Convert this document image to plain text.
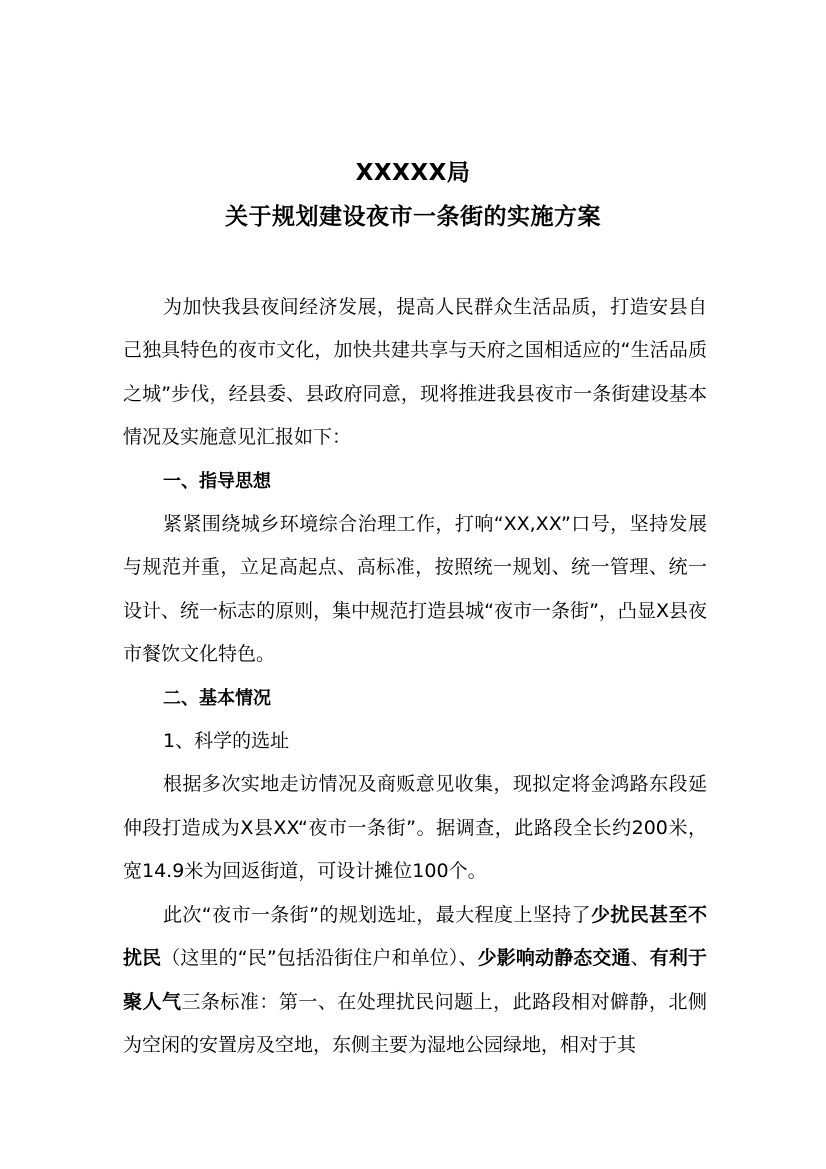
XXXXX局
关于规划建设夜市一条街的实施方案

为加快我县夜间经济发展，提高人民群众生活品质，打造安县自己独具特色的夜市文化，加快共建共享与天府之国相适应的“生活品质之城”步伐，经县委、县政府同意，现将推进我县夜市一条街建设基本情况及实施意见汇报如下：

一、指导思想

紧紧围绕城乡环境综合治理工作，打响“XX,XX”口号，坚持发展与规范并重，立足高起点、高标准，按照统一规划、统一管理、统一设计、统一标志的原则，集中规范打造县城“夜市一条街”，凸显X县夜市餐饮文化特色。

二、基本情况

1、科学的选址

根据多次实地走访情况及商贩意见收集，现拟定将金鸿路东段延伸段打造成为X县XX“夜市一条街”。据调查，此路段全长约200米，宽14.9米为回返街道，可设计摊位100个。

此次“夜市一条街”的规划选址，最大程度上坚持了少扰民甚至不扰民（这里的“民”包括沿街住户和单位）、少影响动静态交通、有利于聚人气三条标准：第一、在处理扰民问题上，此路段相对僻静，北侧为空闲的安置房及空地，东侧主要为湿地公园绿地，相对于其
